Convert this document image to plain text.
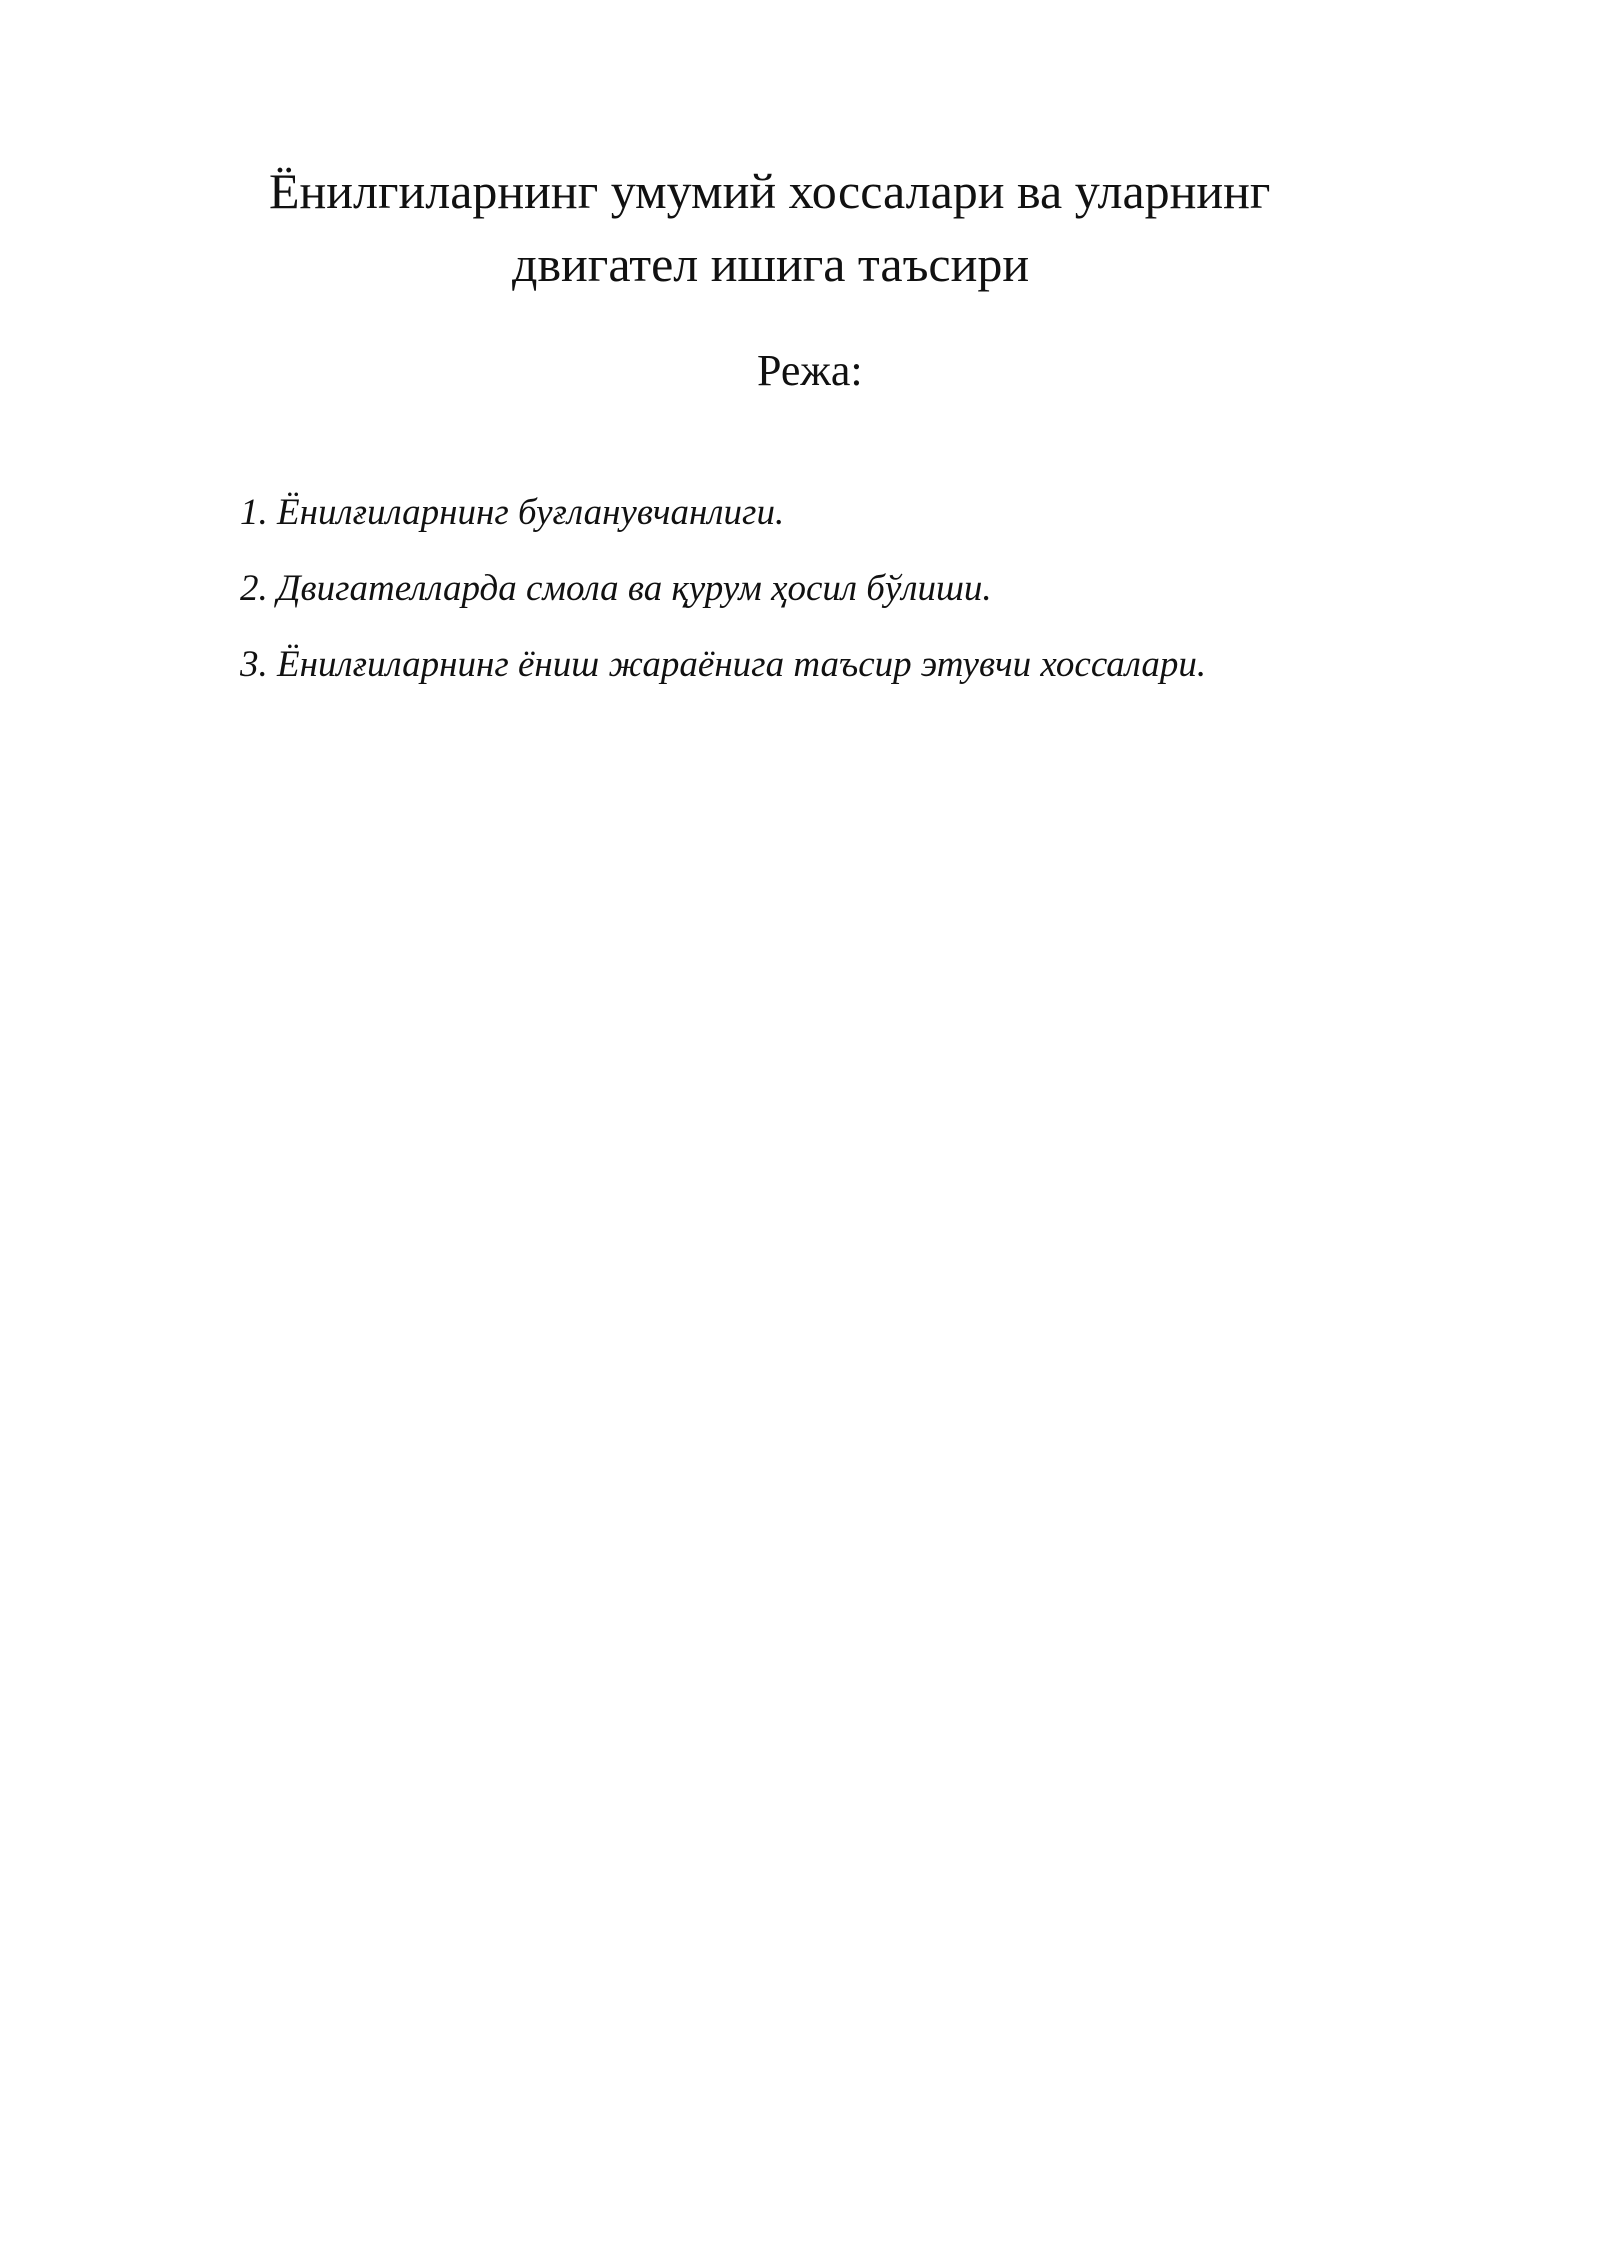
Ёнилгиларнинг умумий хоссалари ва уларнинг
двигател ишига таъсири
Режа:
1. Ёнилғиларнинг буғланувчанлиги.
2. Двигателларда смола ва қурум ҳосил бўлиши.
3. Ёнилғиларнинг ёниш жараёнига таъсир этувчи хоссалари.
